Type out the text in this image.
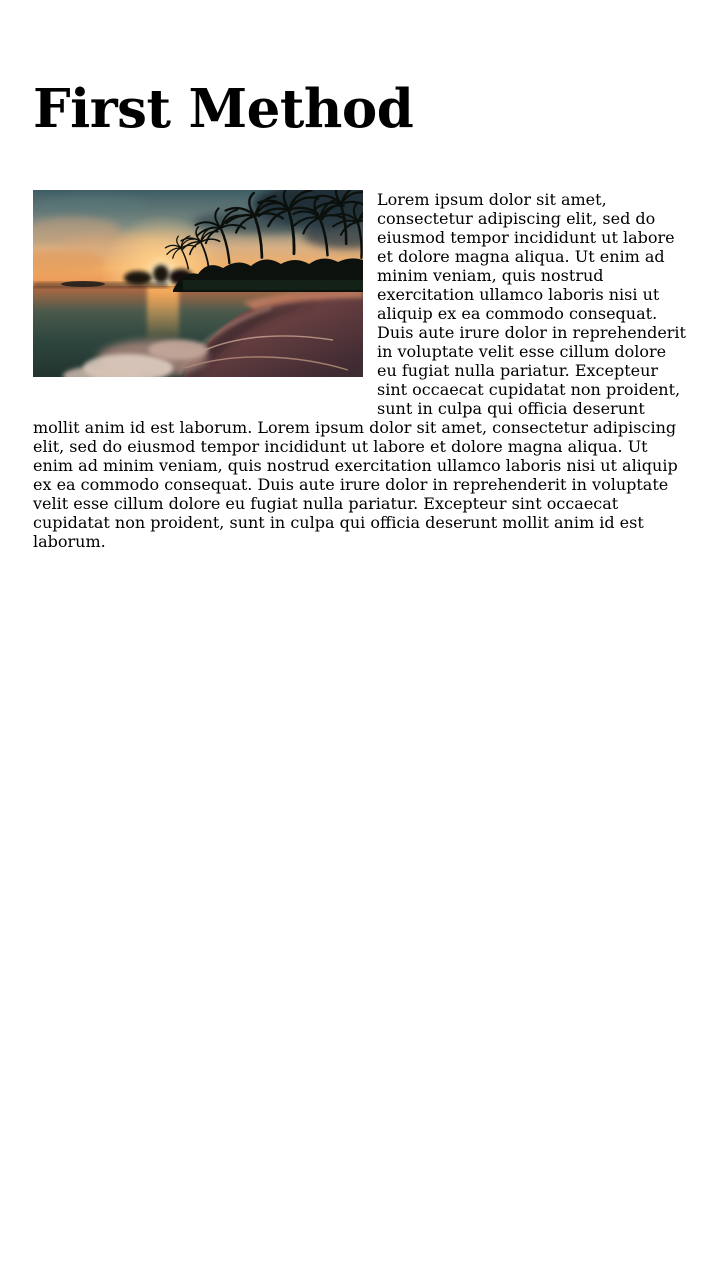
First Method

Lorem ipsum dolor sit amet, consectetur adipiscing elit, sed do eiusmod tempor incididunt ut labore et dolore magna aliqua. Ut enim ad minim veniam, quis nostrud exercitation ullamco laboris nisi ut aliquip ex ea commodo consequat. Duis aute irure dolor in reprehenderit in voluptate velit esse cillum dolore eu fugiat nulla pariatur. Excepteur sint occaecat cupidatat non proident, sunt in culpa qui officia deserunt mollit anim id est laborum. Lorem ipsum dolor sit amet, consectetur adipiscing elit, sed do eiusmod tempor incididunt ut labore et dolore magna aliqua. Ut enim ad minim veniam, quis nostrud exercitation ullamco laboris nisi ut aliquip ex ea commodo consequat. Duis aute irure dolor in reprehenderit in voluptate velit esse cillum dolore eu fugiat nulla pariatur. Excepteur sint occaecat cupidatat non proident, sunt in culpa qui officia deserunt mollit anim id est laborum.
